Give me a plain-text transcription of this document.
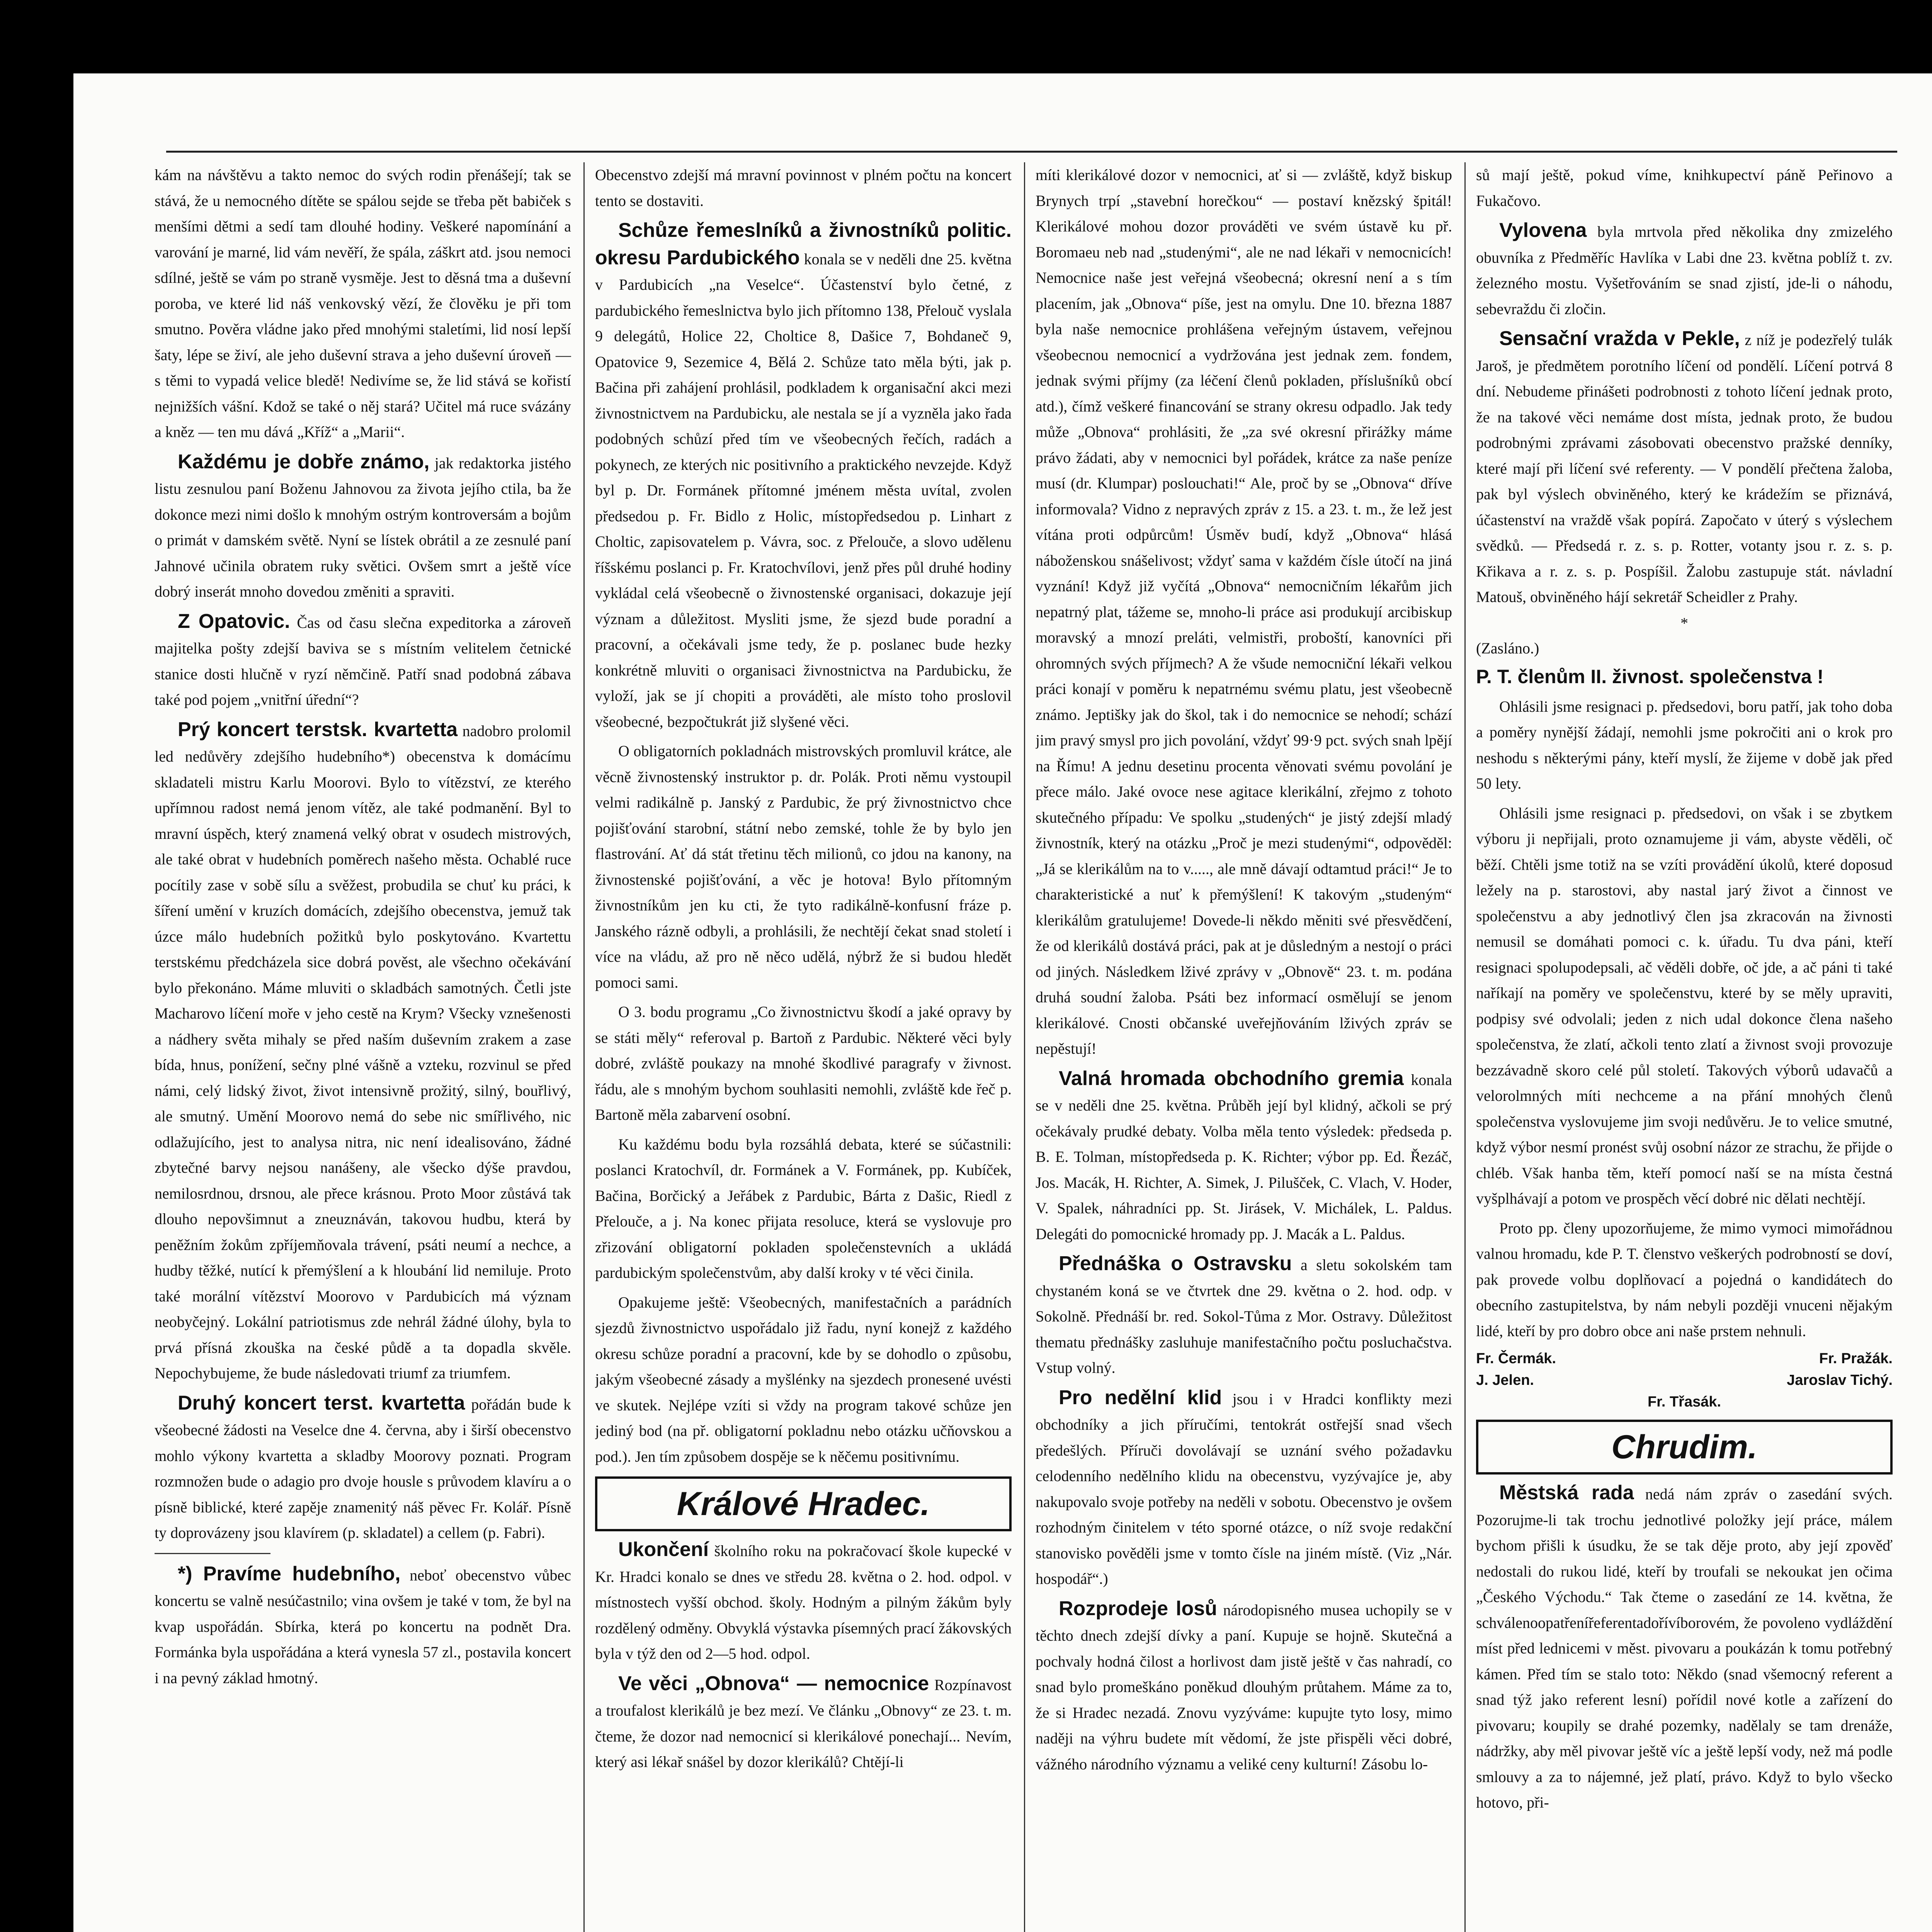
kám na návštěvu a takto nemoc do svých rodin přenášejí; tak se stává, že u nemocného dítěte se spálou sejde se třeba pět babiček s menšími dětmi a sedí tam dlouhé hodiny. Veškeré napomínání a varování je marné, lid vám nevěří, že spála, záškrt atd. jsou nemoci sdílné, ještě se vám po straně vysměje. Jest to děsná tma a duševní poroba, ve které lid náš venkovský vězí, že člověku je při tom smutno. Pověra vládne jako před mnohými staletími, lid nosí lepší šaty, lépe se živí, ale jeho duševní strava a jeho duševní úroveň — s těmi to vypadá velice bledě! Nedivíme se, že lid stává se kořistí nejnižších vášní. Kdož se také o něj stará? Učitel má ruce svázány a kněz — ten mu dává „Kříž“ a „Marii“.

Každému je dobře známo, jak redaktorka jistého listu zesnulou paní Boženu Jahnovou za života jejího ctila, ba že dokonce mezi nimi došlo k mnohým ostrým kontroversám a bojům o primát v damském světě. Nyní se lístek obrátil a ze zesnulé paní Jahnové učinila obratem ruky světici. Ovšem smrt a ještě více dobrý inserát mnoho dovedou změniti a spraviti.

Z Opatovic. Čas od času slečna expeditorka a zároveň majitelka pošty zdejší baviva se s místním velitelem četnické stanice dosti hlučně v ryzí němčině. Patří snad podobná zábava také pod pojem „vnitřní úřední“?

Prý koncert terstsk. kvartetta nadobro prolomil led nedůvěry zdejšího hudebního*) obecenstva k domácímu skladateli mistru Karlu Moorovi. Bylo to vítězství, ze kterého upřímnou radost nemá jenom vítěz, ale také podmanění. Byl to mravní úspěch, který znamená velký obrat v osudech mistrových, ale také obrat v hudebních poměrech našeho města. Ochablé ruce pocítily zase v sobě sílu a svěžest, probudila se chuť ku práci, k šíření umění v kruzích domácích, zdejšího obecenstva, jemuž tak úzce málo hudebních požitků bylo poskytováno. Kvartettu terstskému předcházela sice dobrá pověst, ale všechno očekávání bylo překonáno. Máme mluviti o skladbách samotných. Četli jste Macharovo líčení moře v jeho cestě na Krym? Všecky vznešenosti a nádhery světa mihaly se před naším duševním zrakem a zase bída, hnus, ponížení, sečny plné vášně a vzteku, rozvinul se před námi, celý lidský život, život intensivně prožitý, silný, bouřlivý, ale smutný. Umění Moorovo nemá do sebe nic smířlivého, nic odlažujícího, jest to analysa nitra, nic není idealisováno, žádné zbytečné barvy nejsou nanášeny, ale všecko dýše pravdou, nemilosrdnou, drsnou, ale přece krásnou. Proto Moor zůstává tak dlouho nepovšimnut a zneuznáván, takovou hudbu, která by peněžním žokům zpříjemňovala trávení, psáti neumí a nechce, a hudby těžké, nutící k přemýšlení a k hloubání lid nemiluje. Proto také morální vítězství Moorovo v Pardubicích má význam neobyčejný. Lokální patriotismus zde nehrál žádné úlohy, byla to prvá přísná zkouška na české půdě a ta dopadla skvěle. Nepochybujeme, že bude následovati triumf za triumfem.

Druhý koncert terst. kvartetta pořádán bude k všeobecné žádosti na Veselce dne 4. června, aby i širší obecenstvo mohlo výkony kvartetta a skladby Moorovy poznati. Program rozmnožen bude o adagio pro dvoje housle s průvodem klavíru a o písně biblické, které zapěje znamenitý náš pěvec Fr. Kolář. Písně ty doprovázeny jsou klavírem (p. skladatel) a cellem (p. Fabri).

*) Pravíme hudebního, neboť obecenstvo vůbec koncertu se valně nesúčastnilo; vina ovšem je také v tom, že byl na kvap uspořádán. Sbírka, která po koncertu na podnět Dra. Formánka byla uspořádána a která vynesla 57 zl., postavila koncert i na pevný základ hmotný.

Obecenstvo zdejší má mravní povinnost v plném počtu na koncert tento se dostaviti.

Schůze řemeslníků a živnostníků politic. okresu Pardubického konala se v neděli dne 25. května v Pardubicích „na Veselce“. Účastenství bylo četné, z pardubického řemeslnictva bylo jich přítomno 138, Přelouč vyslala 9 delegátů, Holice 22, Choltice 8, Dašice 7, Bohdaneč 9, Opatovice 9, Sezemice 4, Bělá 2. Schůze tato měla býti, jak p. Bačina při zahájení prohlásil, podkladem k organisační akci mezi živnostnictvem na Pardubicku, ale nestala se jí a vyzněla jako řada podobných schůzí před tím ve všeobecných řečích, radách a pokynech, ze kterých nic positivního a praktického nevzejde. Když byl p. Dr. Formánek přítomné jménem města uvítal, zvolen předsedou p. Fr. Bidlo z Holic, místopředsedou p. Linhart z Choltic, zapisovatelem p. Vávra, soc. z Přelouče, a slovo udělenu říšskému poslanci p. Fr. Kratochvílovi, jenž přes půl druhé hodiny vykládal celá všeobecně o živnostenské organisaci, dokazuje její význam a důležitost. Mysliti jsme, že sjezd bude poradní a pracovní, a očekávali jsme tedy, že p. poslanec bude hezky konkrétně mluviti o organisaci živnostnictva na Pardubicku, že vyloží, jak se jí chopiti a prováděti, ale místo toho proslovil všeobecné, bezpočtukrát již slyšené věci.

O obligatorních pokladnách mistrovských promluvil krátce, ale věcně živnostenský instruktor p. dr. Polák. Proti němu vystoupil velmi radikálně p. Janský z Pardubic, že prý živnostnictvo chce pojišťování starobní, státní nebo zemské, tohle že by bylo jen flastrování. Ať dá stát třetinu těch milionů, co jdou na kanony, na živnostenské pojišťování, a věc je hotova! Bylo přítomným živnostníkům jen ku cti, že tyto radikálně-konfusní fráze p. Janského rázně odbyli, a prohlásili, že nechtějí čekat snad století i více na vládu, až pro ně něco udělá, nýbrž že si budou hledět pomoci sami.

O 3. bodu programu „Co živnostnictvu škodí a jaké opravy by se státi měly“ referoval p. Bartoň z Pardubic. Některé věci byly dobré, zvláště poukazy na mnohé škodlivé paragrafy v živnost. řádu, ale s mnohým bychom souhlasiti nemohli, zvláště kde řeč p. Bartoně měla zabarvení osobní.

Ku každému bodu byla rozsáhlá debata, které se súčastnili: poslanci Kratochvíl, dr. Formánek a V. Formánek, pp. Kubíček, Bačina, Borčický a Jeřábek z Pardubic, Bárta z Dašic, Riedl z Přelouče, a j. Na konec přijata resoluce, která se vyslovuje pro zřizování obligatorní pokladen společenstevních a ukládá pardubickým společenstvům, aby další kroky v té věci činila.

Opakujeme ještě: Všeobecných, manifestačních a parádních sjezdů živnostnictvo uspořádalo již řadu, nyní konejž z každého okresu schůze poradní a pracovní, kde by se dohodlo o způsobu, jakým všeobecné zásady a myšlénky na sjezdech pronesené uvésti ve skutek. Nejlépe vzíti si vždy na program takové schůze jen jediný bod (na př. obligatorní pokladnu nebo otázku učňovskou a pod.). Jen tím způsobem dospěje se k něčemu positivnímu.

Králové Hradec.

Ukončení školního roku na pokračovací škole kupecké v Kr. Hradci konalo se dnes ve středu 28. května o 2. hod. odpol. v místnostech vyšší obchod. školy. Hodným a pilným žákům byly rozdělený odměny. Obvyklá výstavka písemných prací žákovských byla v týž den od 2—5 hod. odpol.

Ve věci „Obnova“ — nemocnice Rozpínavost a troufalost klerikálů je bez mezí. Ve článku „Obnovy“ ze 23. t. m. čteme, že dozor nad nemocnicí si klerikálové ponechají... Nevím, který asi lékař snášel by dozor klerikálů? Chtějí-li

míti klerikálové dozor v nemocnici, ať si — zvláště, když biskup Brynych trpí „stavební horečkou“ — postaví knězský špitál! Klerikálové mohou dozor prováděti ve svém ústavě ku př. Boromaeu neb nad „studenými“, ale ne nad lékaři v nemocnicích! Nemocnice naše jest veřejná všeobecná; okresní není a s tím placením, jak „Obnova“ píše, jest na omylu. Dne 10. března 1887 byla naše nemocnice prohlášena veřejným ústavem, veřejnou všeobecnou nemocnicí a vydržována jest jednak zem. fondem, jednak svými příjmy (za léčení členů pokladen, příslušníků obcí atd.), čímž veškeré financování se strany okresu odpadlo. Jak tedy může „Obnova“ prohlásiti, že „za své okresní přirážky máme právo žádati, aby v nemocnici byl pořádek, krátce za naše peníze musí (dr. Klumpar) poslouchati!“ Ale, proč by se „Obnova“ dříve informovala? Vidno z nepravých zpráv z 15. a 23. t. m., že lež jest vítána proti odpůrcům! Úsměv budí, když „Obnova“ hlásá náboženskou snášelivost; vždyť sama v každém čísle útočí na jiná vyznání! Když již vyčítá „Obnova“ nemocničním lékařům jich nepatrný plat, tážeme se, mnoho-li práce asi produkují arcibiskup moravský a mnozí preláti, velmistři, proboští, kanovníci při ohromných svých příjmech? A že všude nemocniční lékaři velkou práci konají v poměru k nepatrnému svému platu, jest všeobecně známo. Jeptišky jak do škol, tak i do nemocnice se nehodí; schází jim pravý smysl pro jich povolání, vždyť 99·9 pct. svých snah lpějí na Římu! A jednu desetinu procenta věnovati svému povolání je přece málo. Jaké ovoce nese agitace klerikální, zřejmo z tohoto skutečného případu: Ve spolku „studených“ je jistý zdejší mladý živnostník, který na otázku „Proč je mezi studenými“, odpověděl: „Já se klerikálům na to v....., ale mně dávají odtamtud práci!“ Je to charakteristické a nuť k přemýšlení! K takovým „studeným“ klerikálům gratulujeme! Dovede-li někdo měniti své přesvědčení, že od klerikálů dostává práci, pak at je důsledným a nestojí o práci od jiných. Následkem lživé zprávy v „Obnově“ 23. t. m. podána druhá soudní žaloba. Psáti bez informací osmělují se jenom klerikálové. Cnosti občanské uveřejňováním lživých zpráv se nepěstují!

Valná hromada obchodního gremia konala se v neděli dne 25. května. Průběh její byl klidný, ačkoli se prý očekávaly prudké debaty. Volba měla tento výsledek: předseda p. B. E. Tolman, místopředseda p. K. Richter; výbor pp. Ed. Řezáč, Jos. Macák, H. Richter, A. Simek, J. Pilušček, C. Vlach, V. Hoder, V. Spalek, náhradníci pp. St. Jirásek, V. Michálek, L. Paldus. Delegáti do pomocnické hromady pp. J. Macák a L. Paldus.

Přednáška o Ostravsku a sletu sokolském tam chystaném koná se ve čtvrtek dne 29. května o 2. hod. odp. v Sokolně. Přednáší br. red. Sokol-Tůma z Mor. Ostravy. Důležitost thematu přednášky zasluhuje manifestačního počtu posluchačstva. Vstup volný.

Pro nedělní klid jsou i v Hradci konflikty mezi obchodníky a jich příručími, tentokrát ostřejší snad všech předešlých. Příruči dovolávají se uznání svého požadavku celodenního nedělního klidu na obecenstvu, vyzývajíce je, aby nakupovalo svoje potřeby na neděli v sobotu. Obecenstvo je ovšem rozhodným činitelem v této sporné otázce, o níž svoje redakční stanovisko pověděli jsme v tomto čísle na jiném místě. (Viz „Nár. hospodář“.)

Rozprodeje losů národopisného musea uchopily se v těchto dnech zdejší dívky a paní. Kupuje se hojně. Skutečná a pochvaly hodná čilost a horlivost dam jistě ještě v čas nahradí, co snad bylo promeškáno poněkud dlouhým průtahem. Máme za to, že si Hradec nezadá. Znovu vyzýváme: kupujte tyto losy, mimo naději na výhru budete mít vědomí, že jste přispěli věci dobré, vážného národního významu a veliké ceny kulturní! Zásobu lo-

sů mají ještě, pokud víme, knihkupectví páně Peřinovo a Fukačovo.

Vylovena byla mrtvola před několika dny zmizelého obuvníka z Předměříc Havlíka v Labi dne 23. května poblíž t. zv. železného mostu. Vyšetřováním se snad zjistí, jde-li o náhodu, sebevraždu či zločin.

Sensační vražda v Pekle, z níž je podezřelý tulák Jaroš, je předmětem porotního líčení od pondělí. Líčení potrvá 8 dní. Nebudeme přinášeti podrobnosti z tohoto líčení jednak proto, že na takové věci nemáme dost místa, jednak proto, že budou podrobnými zprávami zásobovati obecenstvo pražské denníky, které mají při líčení své referenty. — V pondělí přečtena žaloba, pak byl výslech obviněného, který ke krádežím se přiznává, účastenství na vraždě však popírá. Započato v úterý s výslechem svědků. — Předsedá r. z. s. p. Rotter, votanty jsou r. z. s. p. Křikava a r. z. s. p. Pospíšil. Žalobu zastupuje stát. návladní Matouš, obviněného hájí sekretář Scheidler z Prahy.

*

(Zasláno.)

P. T. členům II. živnost. společenstva !

Ohlásili jsme resignaci p. předsedovi, boru patří, jak toho doba a poměry nynější žádají, nemohli jsme pokročiti ani o krok pro neshodu s některými pány, kteří myslí, že žijeme v době jak před 50 lety.

Ohlásili jsme resignaci p. předsedovi, on však i se zbytkem výboru ji nepřijali, proto oznamujeme ji vám, abyste věděli, oč běží. Chtěli jsme totiž na se vzíti provádění úkolů, které doposud ležely na p. starostovi, aby nastal jarý život a činnost ve společenstvu a aby jednotlivý člen jsa zkracován na živnosti nemusil se domáhati pomoci c. k. úřadu. Tu dva páni, kteří resignaci spolupodepsali, ač věděli dobře, oč jde, a ač páni ti také naříkají na poměry ve společenstvu, které by se měly upraviti, podpisy své odvolali; jeden z nich udal dokonce člena našeho společenstva, že zlatí, ačkoli tento zlatí a živnost svoji provozuje bezzávadně skoro celé půl století. Takových výborů udavačů a velorolmných míti nechceme a na přání mnohých členů společenstva vyslovujeme jim svoji nedůvěru. Je to velice smutné, když výbor nesmí pronést svůj osobní názor ze strachu, že přijde o chléb. Však hanba těm, kteří pomocí naší se na místa čestná vyšplhávají a potom ve prospěch věcí dobré nic dělati nechtějí.

Proto pp. členy upozorňujeme, že mimo vymoci mimořádnou valnou hromadu, kde P. T. členstvo veškerých podrobností se doví, pak provede volbu doplňovací a pojedná o kandidátech do obecního zastupitelstva, by nám nebyli později vnuceni nějakým lidé, kteří by pro dobro obce ani naše prstem nehnuli.

Fr. Čermák.	Fr. Pražák.
J. Jelen.	Jaroslav Tichý.
Fr. Třasák.
Chrudim.

Městská rada nedá nám zpráv o zasedání svých. Pozorujme-li tak trochu jednotlivé položky její práce, málem bychom přišli k úsudku, že se tak děje proto, aby její zpověď nedostali do rukou lidé, kteří by troufali se nekoukat jen očima „Českého Východu.“ Tak čteme o zasedání ze 14. května, že schválenoopatřenířeferentadořívíborovém, že povoleno vydláždění míst před lednicemi v měst. pivovaru a poukázán k tomu potřebný kámen. Před tím se stalo toto: Někdo (snad všemocný referent a snad týž jako referent lesní) pořídil nové kotle a zařízení do pivovaru; koupily se drahé pozemky, nadělaly se tam drenáže, nádržky, aby měl pivovar ještě víc a ještě lepší vody, než má podle smlouvy a za to nájemné, jež platí, právo. Když to bylo všecko hotovo, při-
